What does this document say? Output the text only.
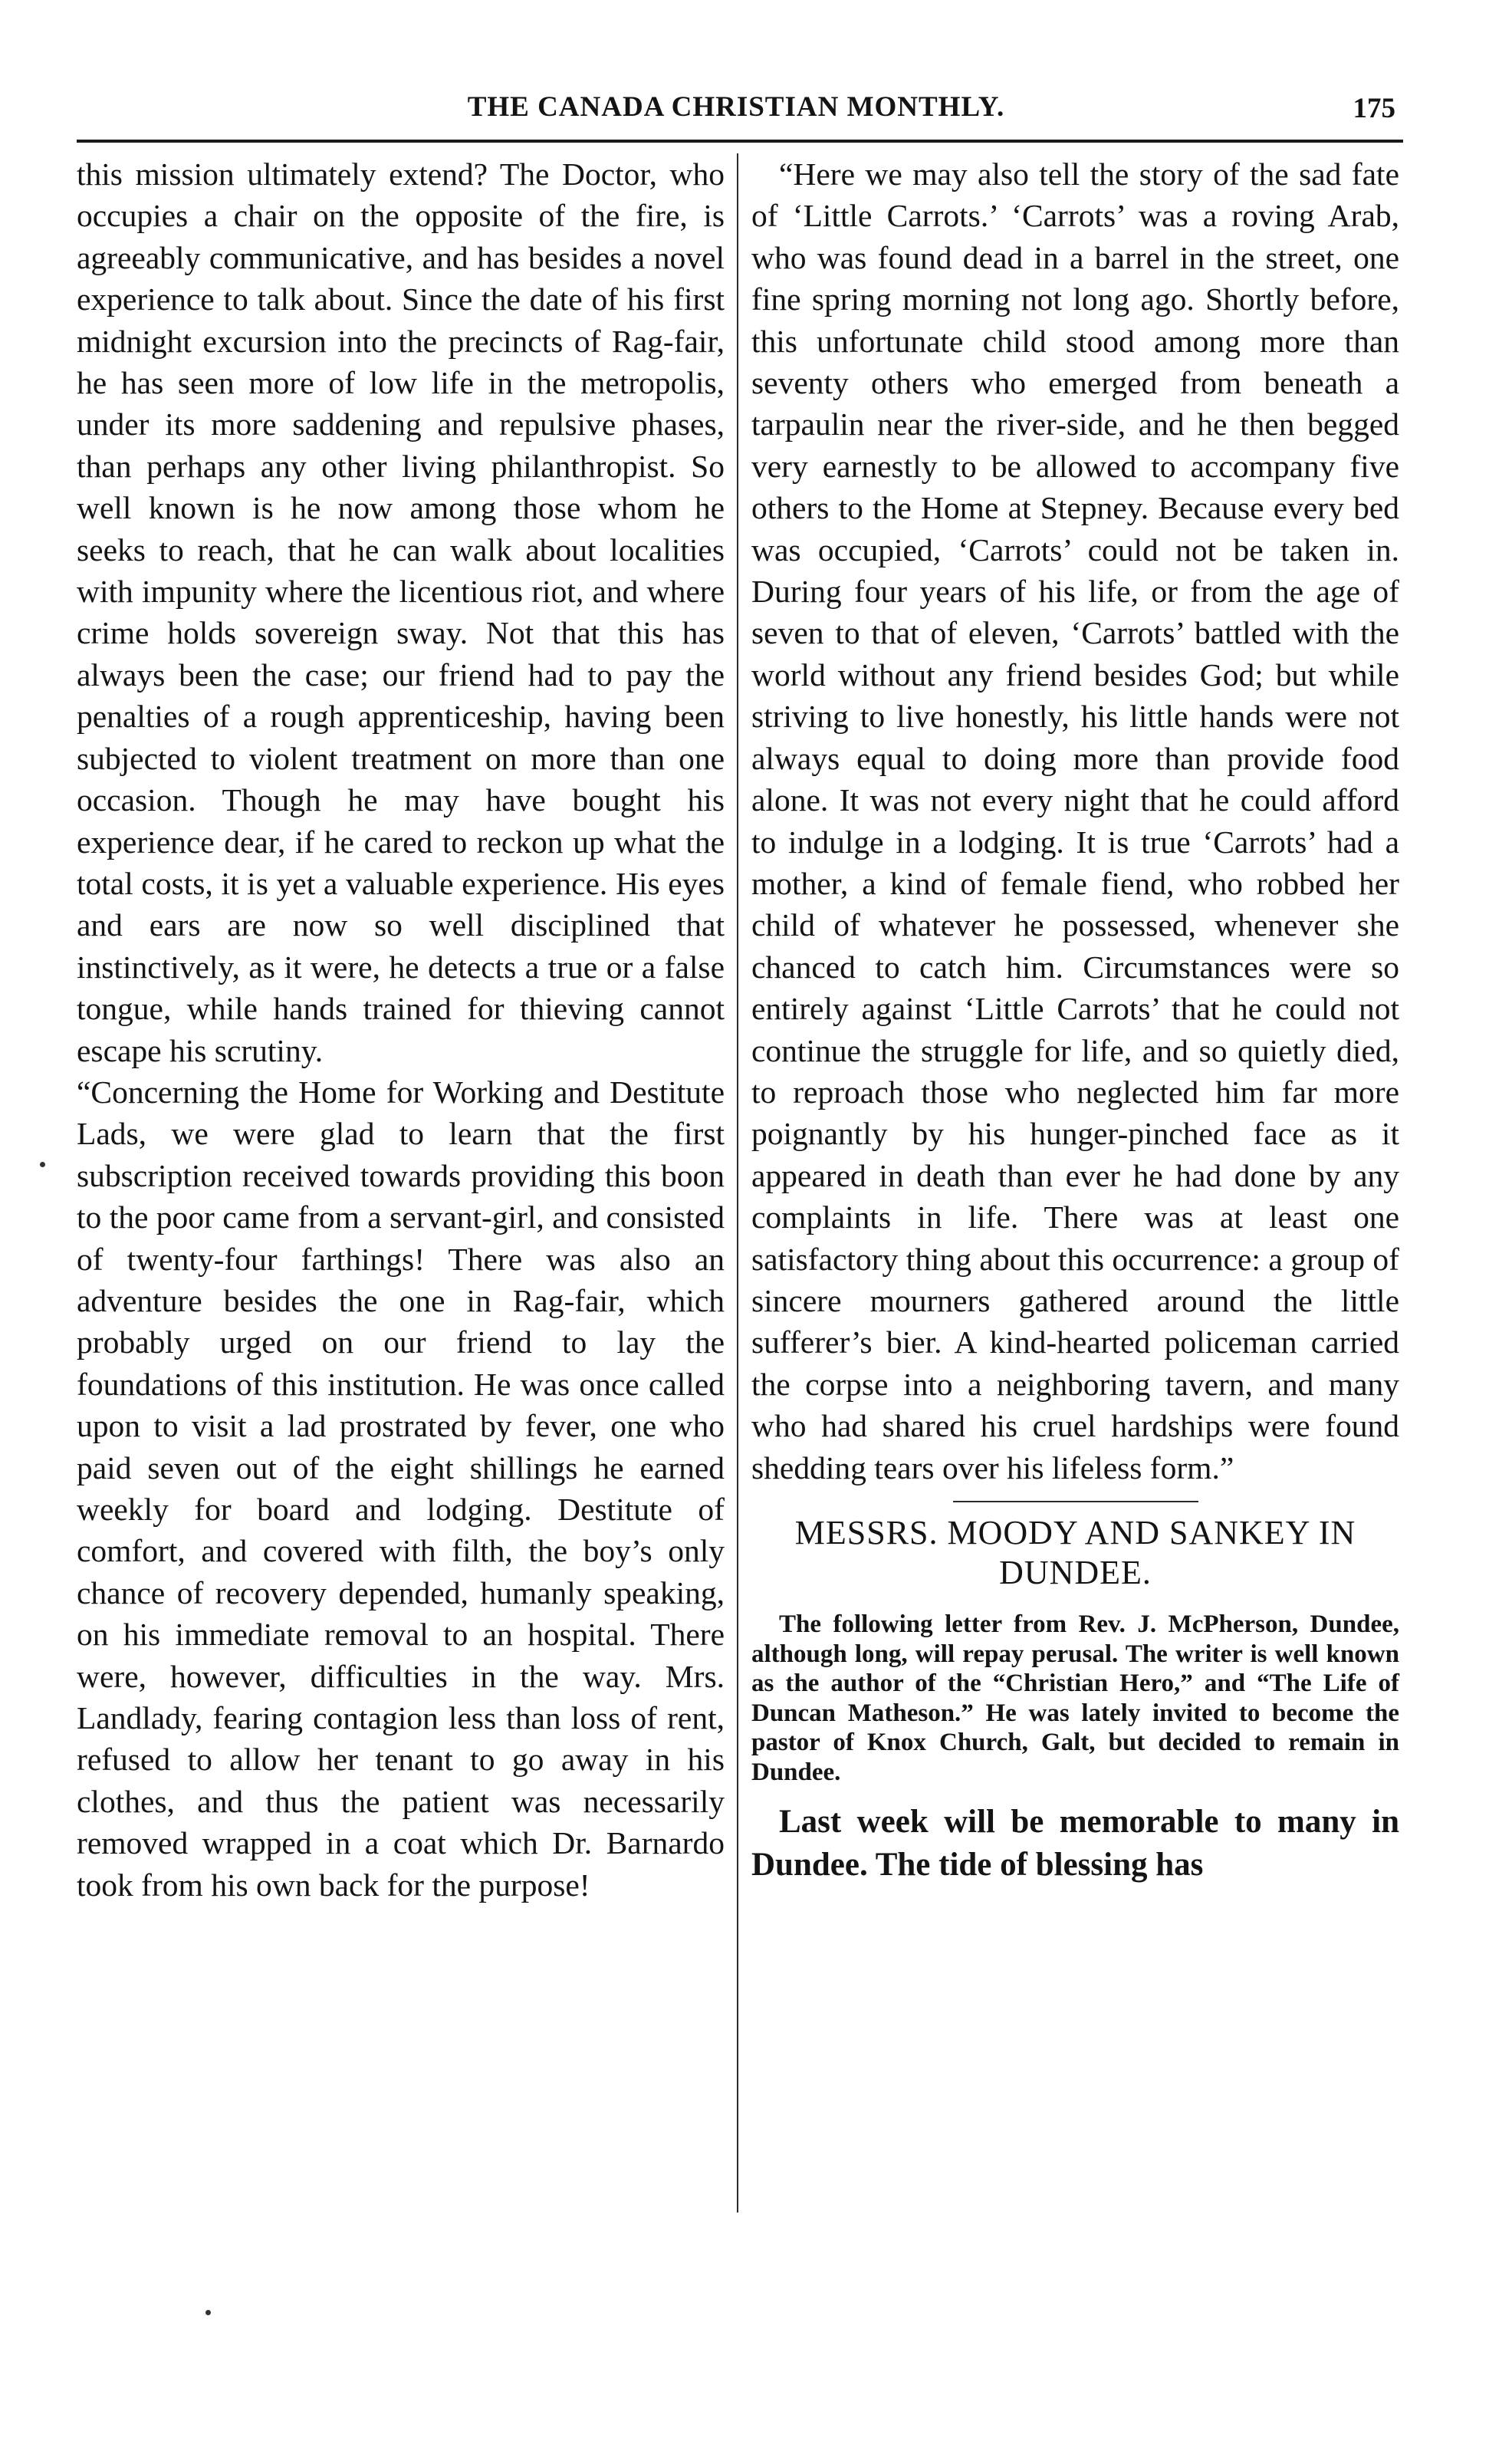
THE CANADA CHRISTIAN MONTHLY.	175

this mission ultimately extend? The Doctor, who occupies a chair on the opposite of the fire, is agreeably communicative, and has besides a novel experience to talk about. Since the date of his first midnight excursion into the precincts of Rag-fair, he has seen more of low life in the metropolis, under its more saddening and repulsive phases, than perhaps any other living philanthropist. So well known is he now among those whom he seeks to reach, that he can walk about localities with impunity where the licentious riot, and where crime holds sovereign sway. Not that this has always been the case; our friend had to pay the penalties of a rough apprenticeship, having been subjected to violent treatment on more than one occasion. Though he may have bought his experience dear, if he cared to reckon up what the total costs, it is yet a valuable experience. His eyes and ears are now so well disciplined that instinctively, as it were, he detects a true or a false tongue, while hands trained for thieving cannot escape his scrutiny.

“Concerning the Home for Working and Destitute Lads, we were glad to learn that the first subscription received towards providing this boon to the poor came from a servant-girl, and consisted of twenty-four farthings! There was also an adventure besides the one in Rag-fair, which probably urged on our friend to lay the foundations of this institution. He was once called upon to visit a lad prostrated by fever, one who paid seven out of the eight shillings he earned weekly for board and lodging. Destitute of comfort, and covered with filth, the boy’s only chance of recovery depended, humanly speaking, on his immediate removal to an hospital. There were, however, difficulties in the way. Mrs. Landlady, fearing contagion less than loss of rent, refused to allow her tenant to go away in his clothes, and thus the patient was necessarily removed wrapped in a coat which Dr. Barnardo took from his own back for the purpose!

“Here we may also tell the story of the sad fate of ‘Little Carrots.’ ‘Carrots’ was a roving Arab, who was found dead in a barrel in the street, one fine spring morning not long ago. Shortly before, this unfortunate child stood among more than seventy others who emerged from beneath a tarpaulin near the river-side, and he then begged very earnestly to be allowed to accompany five others to the Home at Stepney. Because every bed was occupied, ‘Carrots’ could not be taken in. During four years of his life, or from the age of seven to that of eleven, ‘Carrots’ battled with the world without any friend besides God; but while striving to live honestly, his little hands were not always equal to doing more than provide food alone. It was not every night that he could afford to indulge in a lodging. It is true ‘Carrots’ had a mother, a kind of female fiend, who robbed her child of whatever he possessed, whenever she chanced to catch him. Circumstances were so entirely against ‘Little Carrots’ that he could not continue the struggle for life, and so quietly died, to reproach those who neglected him far more poignantly by his hunger-pinched face as it appeared in death than ever he had done by any complaints in life. There was at least one satisfactory thing about this occurrence: a group of sincere mourners gathered around the little sufferer’s bier. A kind-hearted policeman carried the corpse into a neighboring tavern, and many who had shared his cruel hardships were found shedding tears over his lifeless form.”

MESSRS. MOODY AND SANKEY IN DUNDEE.

The following letter from Rev. J. McPherson, Dundee, although long, will repay perusal. The writer is well known as the author of the “Christian Hero,” and “The Life of Duncan Matheson.” He was lately invited to become the pastor of Knox Church, Galt, but decided to remain in Dundee.

Last week will be memorable to many in Dundee. The tide of blessing has
